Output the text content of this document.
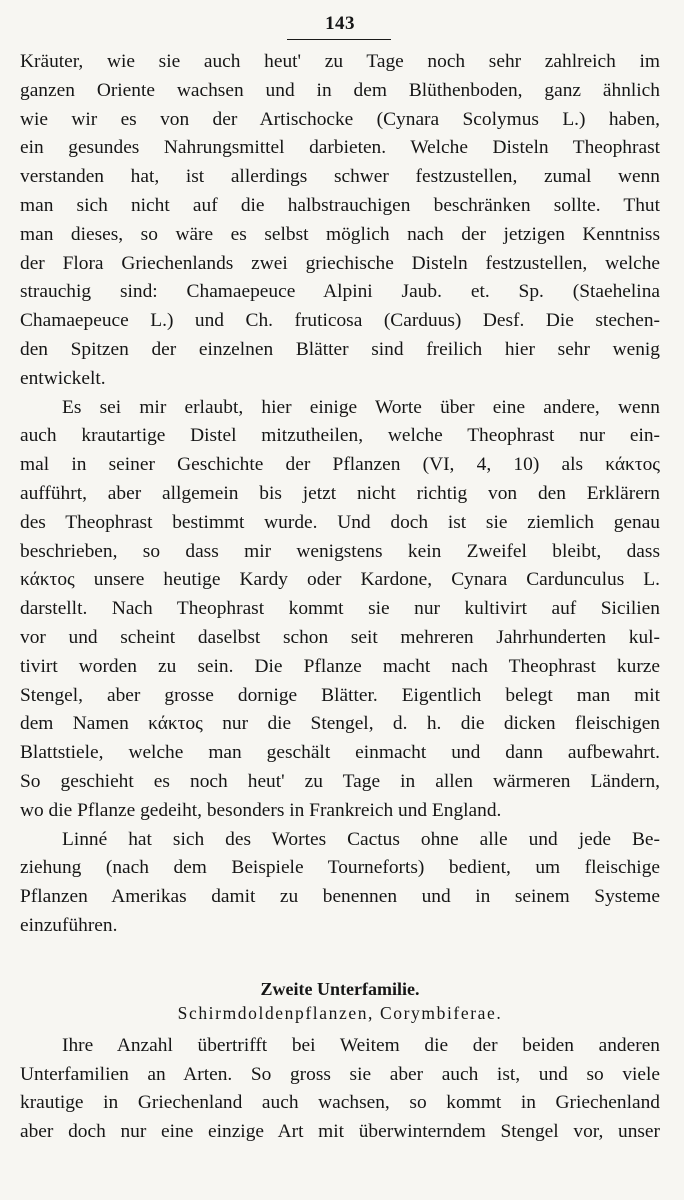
143

Kräuter, wie sie auch heut' zu Tage noch sehr zahlreich im
ganzen Oriente wachsen und in dem Blüthenboden, ganz ähnlich
wie wir es von der Artischocke (Cynara Scolymus L.) haben,
ein gesundes Nahrungsmittel darbieten. Welche Disteln Theophrast
verstanden hat, ist allerdings schwer festzustellen, zumal wenn
man sich nicht auf die halbstrauchigen beschränken sollte. Thut
man dieses, so wäre es selbst möglich nach der jetzigen Kenntniss
der Flora Griechenlands zwei griechische Disteln festzustellen, welche
strauchig sind: Chamaepeuce Alpini Jaub. et. Sp. (Staehelina
Chamaepeuce L.) und Ch. fruticosa (Carduus) Desf. Die stechen-
den Spitzen der einzelnen Blätter sind freilich hier sehr wenig
entwickelt.

Es sei mir erlaubt, hier einige Worte über eine andere, wenn
auch krautartige Distel mitzutheilen, welche Theophrast nur ein-
mal in seiner Geschichte der Pflanzen (VI, 4, 10) als κάκτος
aufführt, aber allgemein bis jetzt nicht richtig von den Erklärern
des Theophrast bestimmt wurde. Und doch ist sie ziemlich genau
beschrieben, so dass mir wenigstens kein Zweifel bleibt, dass
κάκτος unsere heutige Kardy oder Kardone, Cynara Cardunculus L.
darstellt. Nach Theophrast kommt sie nur kultivirt auf Sicilien
vor und scheint daselbst schon seit mehreren Jahrhunderten kul-
tivirt worden zu sein. Die Pflanze macht nach Theophrast kurze
Stengel, aber grosse dornige Blätter. Eigentlich belegt man mit
dem Namen κάκτος nur die Stengel, d. h. die dicken fleischigen
Blattstiele, welche man geschält einmacht und dann aufbewahrt.
So geschieht es noch heut' zu Tage in allen wärmeren Ländern,
wo die Pflanze gedeiht, besonders in Frankreich und England.

Linné hat sich des Wortes Cactus ohne alle und jede Be-
ziehung (nach dem Beispiele Tourneforts) bedient, um fleischige
Pflanzen Amerikas damit zu benennen und in seinem Systeme
einzuführen.

Zweite Unterfamilie.
Schirmdoldenpflanzen, Corymbiferae.

Ihre Anzahl übertrifft bei Weitem die der beiden anderen
Unterfamilien an Arten. So gross sie aber auch ist, und so viele
krautige in Griechenland auch wachsen, so kommt in Griechenland
aber doch nur eine einzige Art mit überwinterndem Stengel vor, unser
